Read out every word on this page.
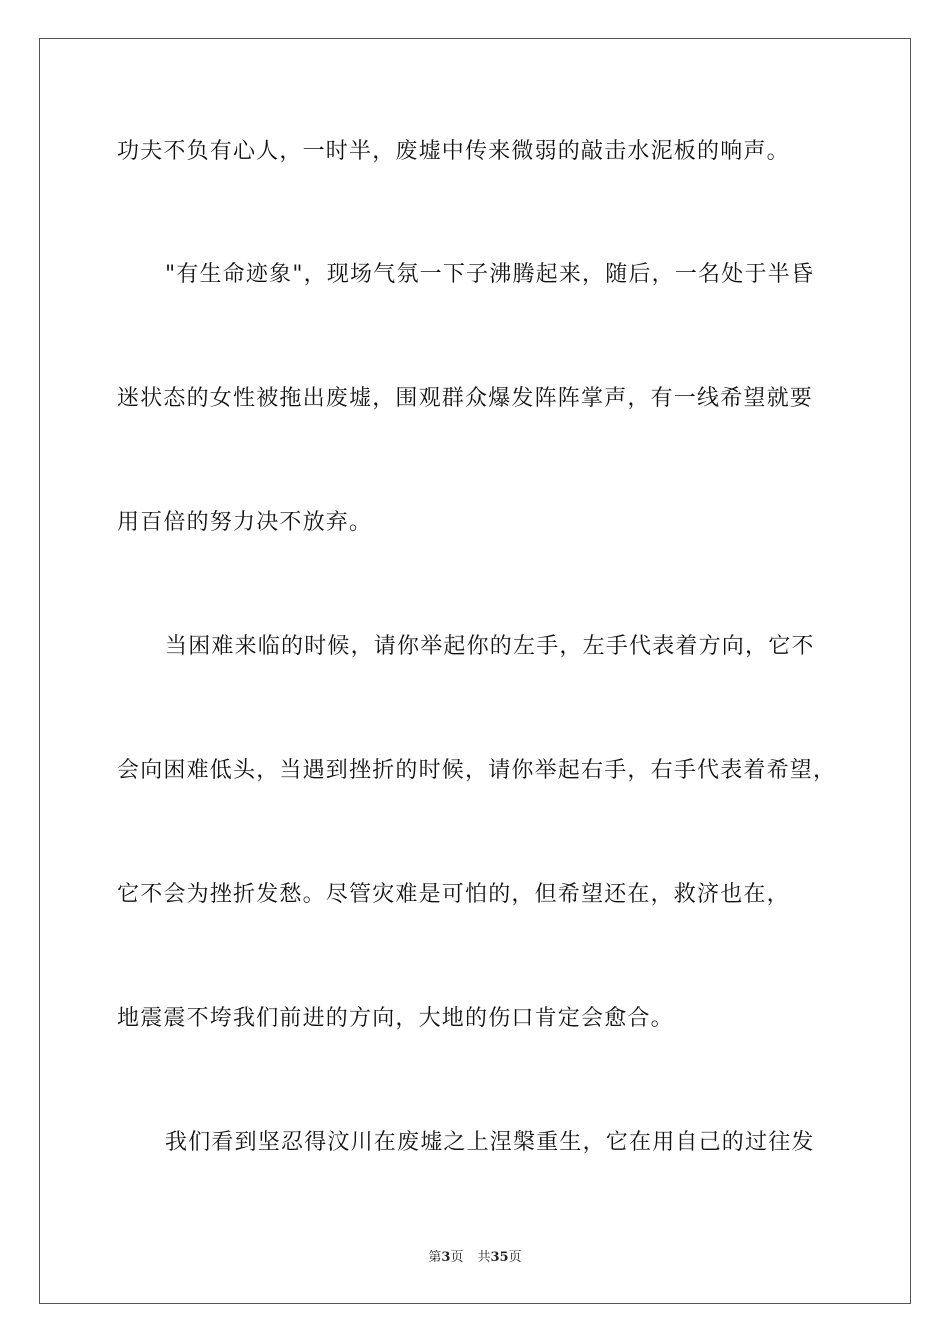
功夫不负有心人，一时半，废墟中传来微弱的敲击水泥板的响声。
"有生命迹象"，现场气氛一下子沸腾起来，随后，一名处于半昏
迷状态的女性被拖出废墟，围观群众爆发阵阵掌声，有一线希望就要
用百倍的努力决不放弃。
当困难来临的时候，请你举起你的左手，左手代表着方向，它不
会向困难低头，当遇到挫折的时候，请你举起右手，右手代表着希望，
它不会为挫折发愁。尽管灾难是可怕的，但希望还在，救济也在，
地震震不垮我们前进的方向，大地的伤口肯定会愈合。
我们看到坚忍得汶川在废墟之上涅槃重生，它在用自己的过往发
第3页 共35页
